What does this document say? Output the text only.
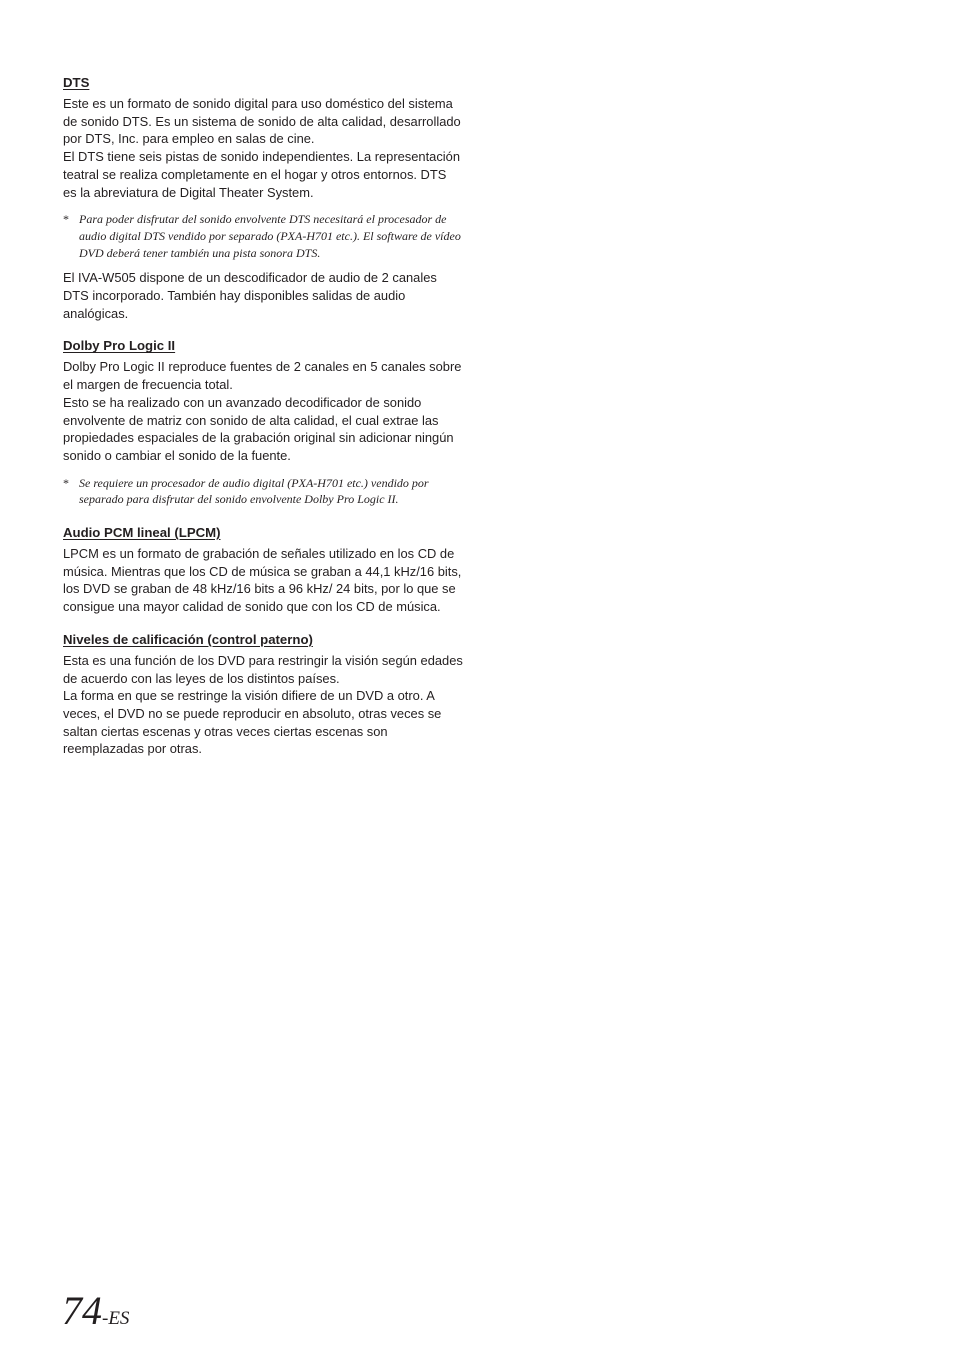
DTS

Este es un formato de sonido digital para uso doméstico del sistema de sonido DTS. Es un sistema de sonido de alta calidad, desarrollado por DTS, Inc. para empleo en salas de cine.

El DTS tiene seis pistas de sonido independientes. La representación teatral se realiza completamente en el hogar y otros entornos. DTS es la abreviatura de Digital Theater System.

* Para poder disfrutar del sonido envolvente DTS necesitará el procesador de audio digital DTS vendido por separado (PXA-H701 etc.). El software de vídeo DVD deberá tener también una pista sonora DTS.

El IVA-W505 dispone de un descodificador de audio de 2 canales DTS incorporado. También hay disponibles salidas de audio analógicas.

Dolby Pro Logic II

Dolby Pro Logic II reproduce fuentes de 2 canales en 5 canales sobre el margen de frecuencia total.

Esto se ha realizado con un avanzado decodificador de sonido envolvente de matriz con sonido de alta calidad, el cual extrae las propiedades espaciales de la grabación original sin adicionar ningún sonido o cambiar el sonido de la fuente.

* Se requiere un procesador de audio digital (PXA-H701 etc.) vendido por separado para disfrutar del sonido envolvente Dolby Pro Logic II.
Audio PCM lineal (LPCM)

LPCM es un formato de grabación de señales utilizado en los CD de música. Mientras que los CD de música se graban a 44,1 kHz/16 bits, los DVD se graban de 48 kHz/16 bits a 96 kHz/ 24 bits, por lo que se consigue una mayor calidad de sonido que con los CD de música.

Niveles de calificación (control paterno)

Esta es una función de los DVD para restringir la visión según edades de acuerdo con las leyes de los distintos países.

La forma en que se restringe la visión difiere de un DVD a otro. A veces, el DVD no se puede reproducir en absoluto, otras veces se saltan ciertas escenas y otras veces ciertas escenas son reemplazadas por otras.

74-ES
